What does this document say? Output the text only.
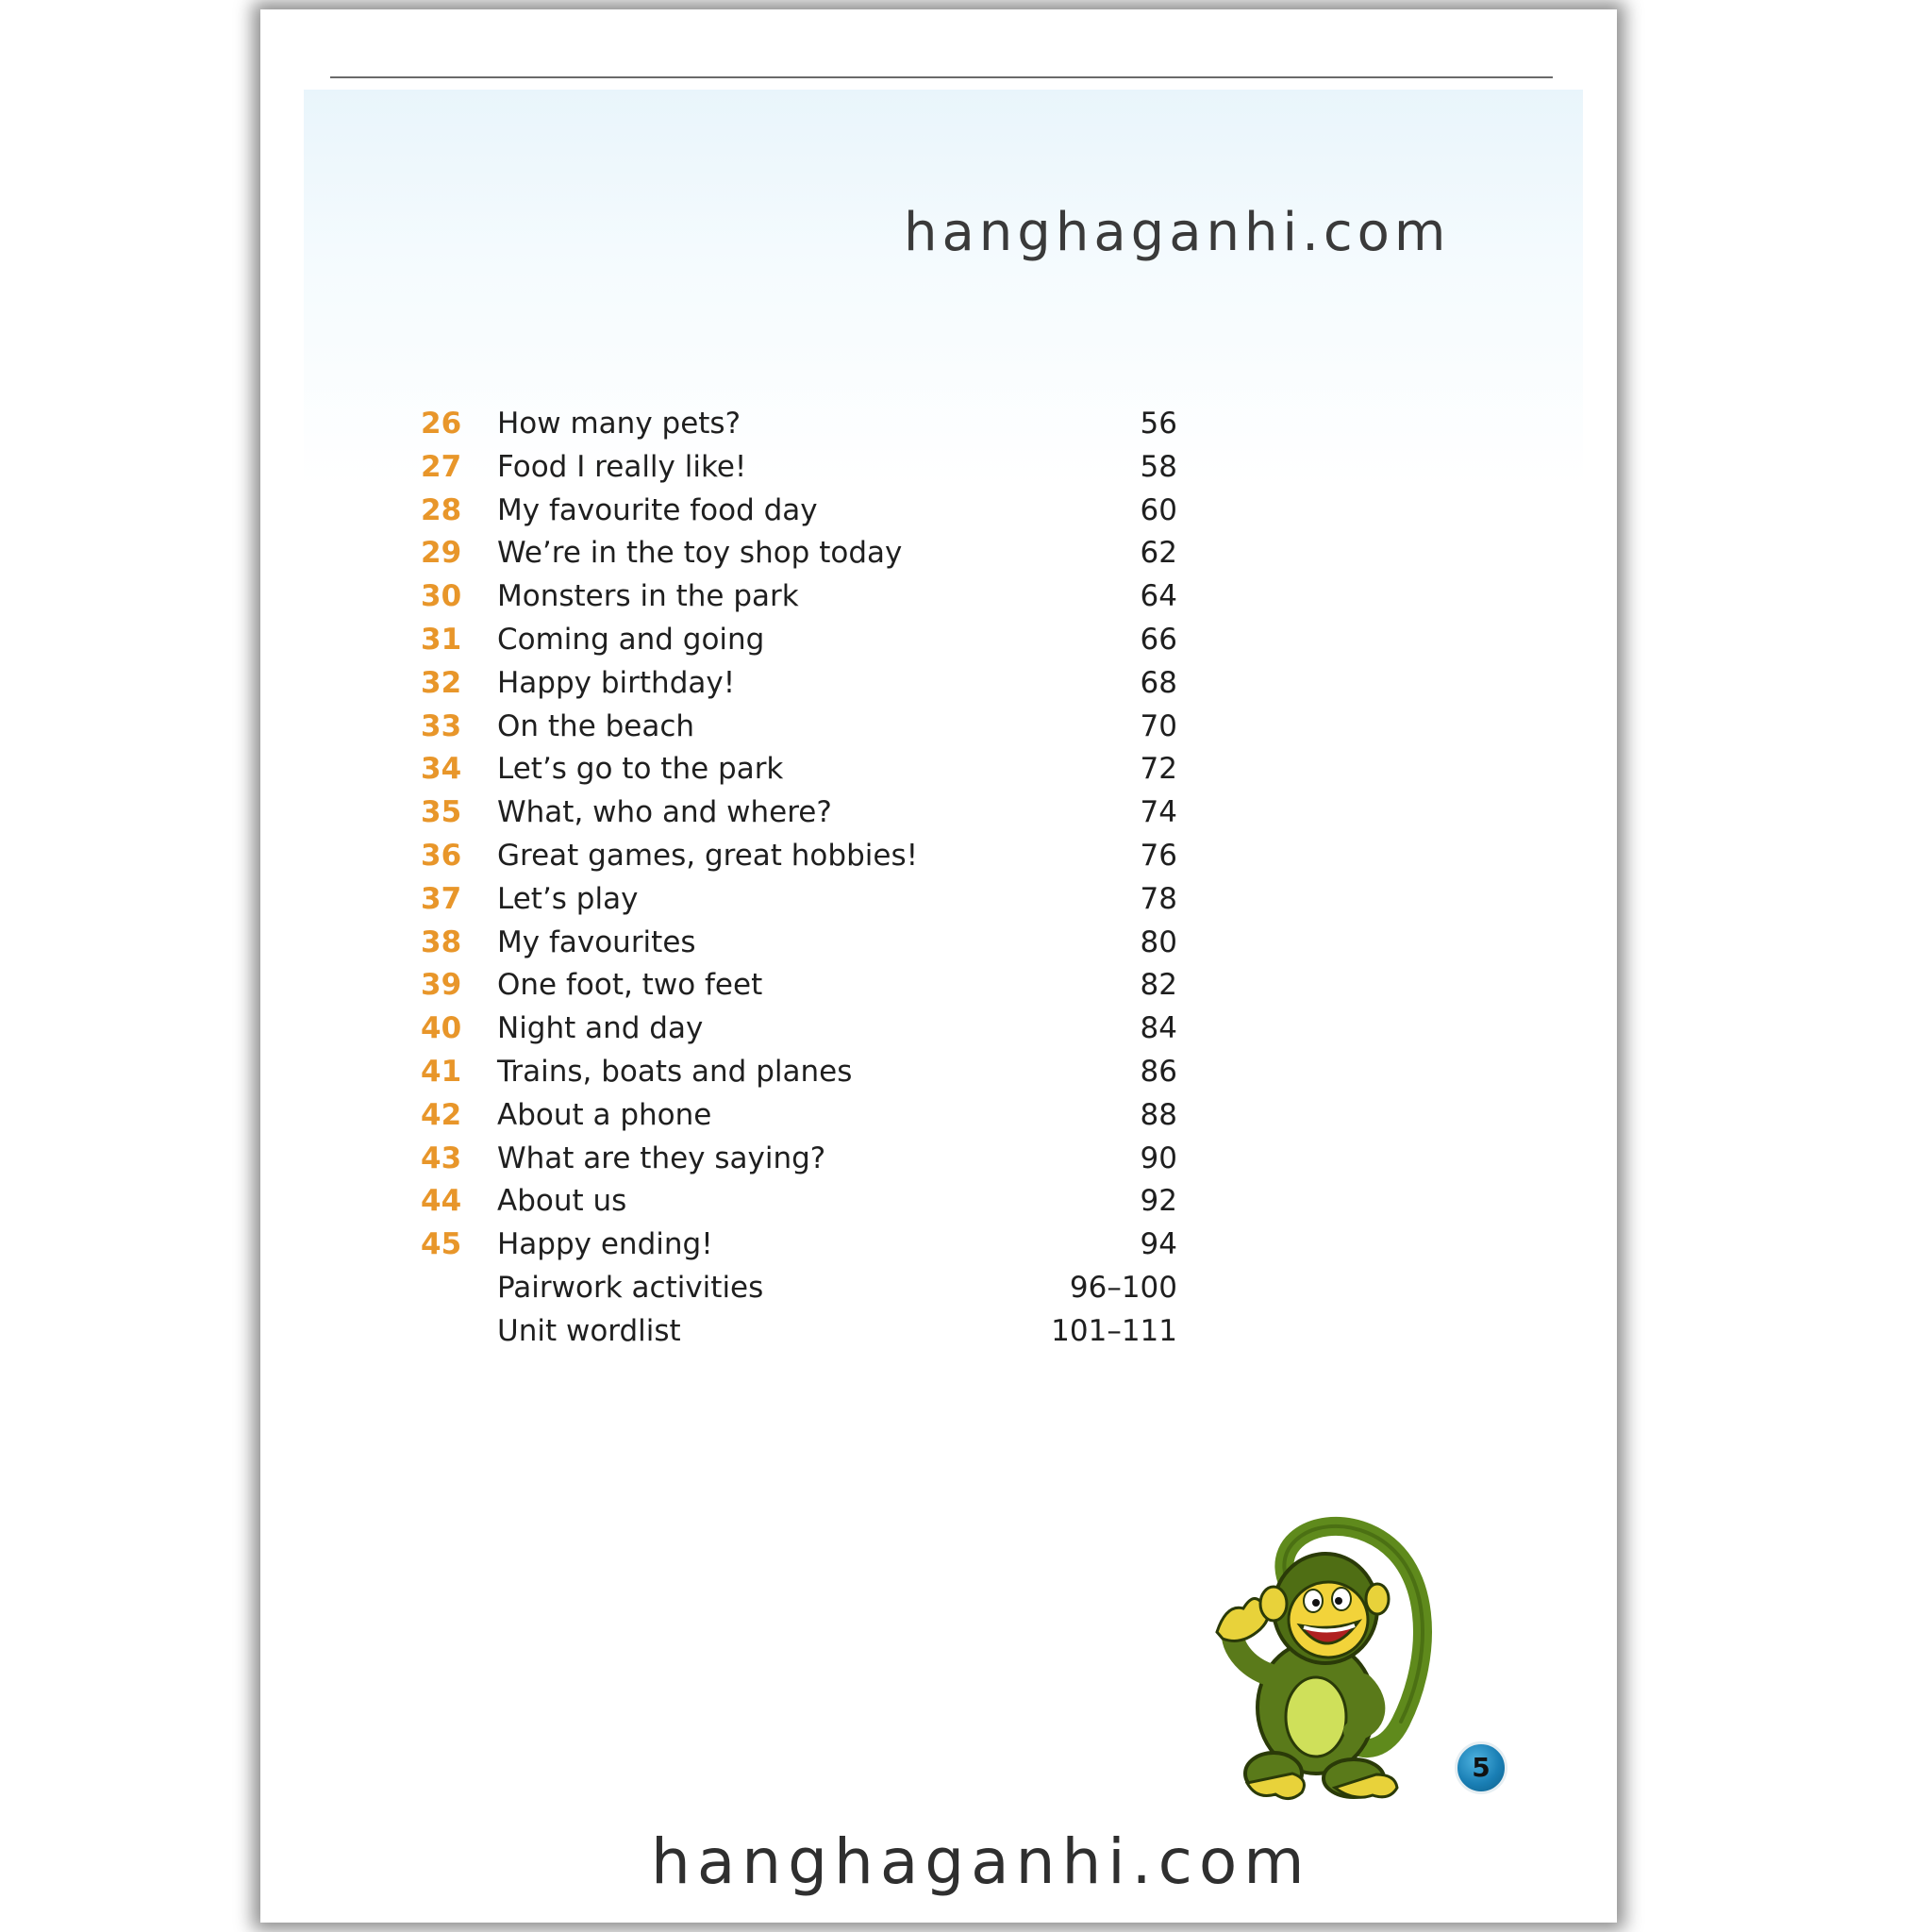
hanghaganhi.com
26 How many pets?	56
27 Food I really like!	58
28 My favourite food day	60
29 We’re in the toy shop today	62
30 Monsters in the park	64
31 Coming and going	66
32 Happy birthday!	68
33 On the beach	70
34 Let’s go to the park	72
35 What, who and where?	74
36 Great games, great hobbies!	76
37 Let’s play	78
38 My favourites	80
39 One foot, two feet	82
40 Night and day	84
41 Trains, boats and planes	86
42 About a phone	88
43 What are they saying?	90
44 About us	92
45 Happy ending!	94
Pairwork activities	96–100
Unit wordlist	101–111
5
hanghaganhi.com
